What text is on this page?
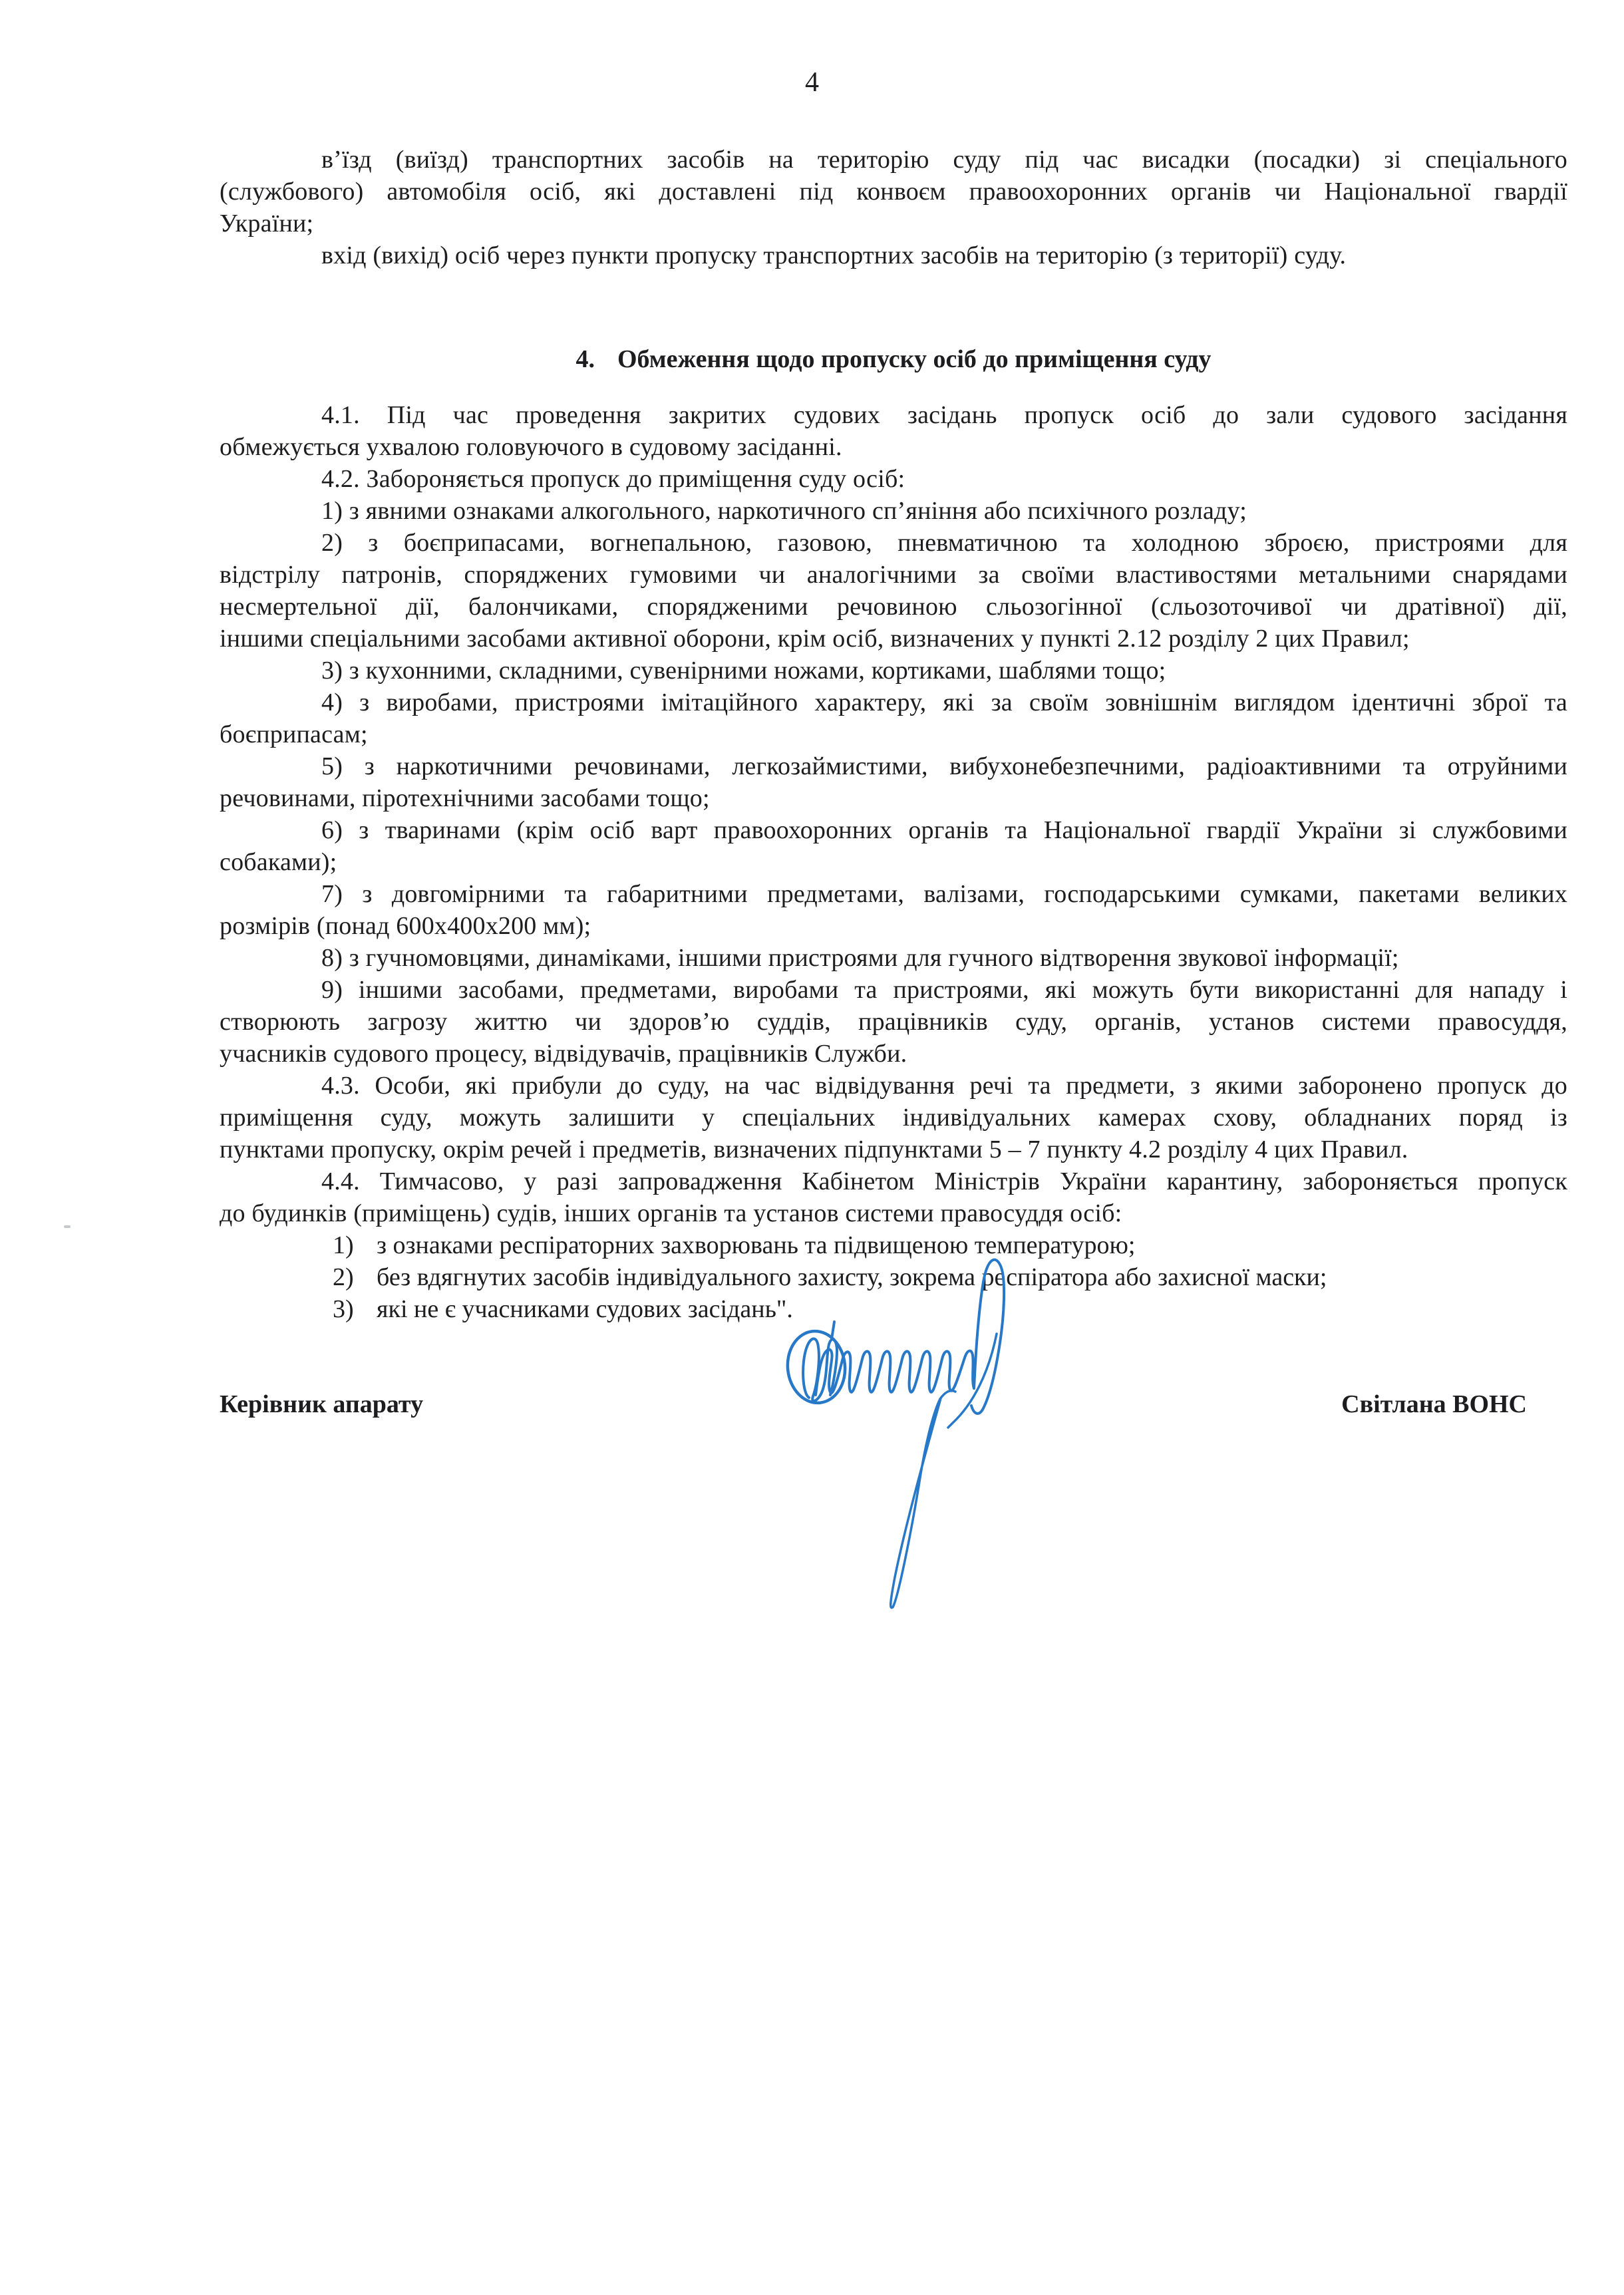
4
в’їзд (виїзд) транспортних засобів на територію суду під час висадки (посадки) зі спеціального
(службового) автомобіля осіб, які доставлені під конвоєм правоохоронних органів чи Національної гвардії
України;
вхід (вихід) осіб через пункти пропуску транспортних засобів на територію (з території) суду.
4. Обмеження щодо пропуску осіб до приміщення суду
4.1. Під час проведення закритих судових засідань пропуск осіб до зали судового засідання
обмежується ухвалою головуючого в судовому засіданні.
4.2. Забороняється пропуск до приміщення суду осіб:
1) з явними ознаками алкогольного, наркотичного сп’яніння або психічного розладу;
2) з боєприпасами, вогнепальною, газовою, пневматичною та холодною зброєю, пристроями для
відстрілу патронів, споряджених гумовими чи аналогічними за своїми властивостями метальними снарядами
несмертельної дії, балончиками, спорядженими речовиною сльозогінної (сльозоточивої чи дратівної) дії,
іншими спеціальними засобами активної оборони, крім осіб, визначених у пункті 2.12 розділу 2 цих Правил;
3) з кухонними, складними, сувенірними ножами, кортиками, шаблями тощо;
4) з виробами, пристроями імітаційного характеру, які за своїм зовнішнім виглядом ідентичні зброї та
боєприпасам;
5) з наркотичними речовинами, легкозаймистими, вибухонебезпечними, радіоактивними та отруйними
речовинами, піротехнічними засобами тощо;
6) з тваринами (крім осіб варт правоохоронних органів та Національної гвардії України зі службовими
собаками);
7) з довгомірними та габаритними предметами, валізами, господарськими сумками, пакетами великих
розмірів (понад 600х400х200 мм);
8) з гучномовцями, динаміками, іншими пристроями для гучного відтворення звукової інформації;
9) іншими засобами, предметами, виробами та пристроями, які можуть бути використанні для нападу і
створюють загрозу життю чи здоров’ю суддів, працівників суду, органів, установ системи правосуддя,
учасників судового процесу, відвідувачів, працівників Служби.
4.3. Особи, які прибули до суду, на час відвідування речі та предмети, з якими заборонено пропуск до
приміщення суду, можуть залишити у спеціальних індивідуальних камерах схову, обладнаних поряд із
пунктами пропуску, окрім речей і предметів, визначених підпунктами 5 – 7 пункту 4.2 розділу 4 цих Правил.
4.4. Тимчасово, у разі запровадження Кабінетом Міністрів України карантину, забороняється пропуск
до будинків (приміщень) судів, інших органів та установ системи правосуддя осіб:
1) з ознаками респіраторних захворювань та підвищеною температурою;
2) без вдягнутих засобів індивідуального захисту, зокрема респіратора або захисної маски;
3) які не є учасниками судових засідань".
Керівник апарату	Світлана ВОНС
